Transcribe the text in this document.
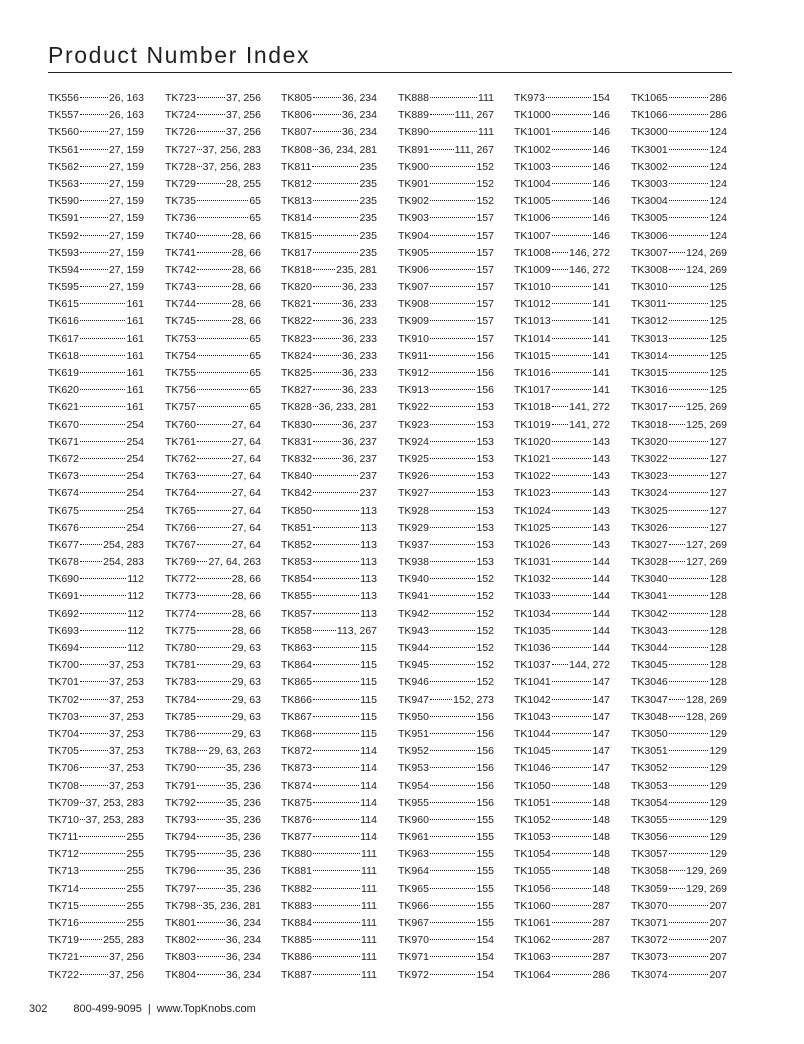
Product Number Index
TK556	26, 163
TK557	26, 163
TK560	27, 159
TK561	27, 159
TK562	27, 159
TK563	27, 159
TK590	27, 159
TK591	27, 159
TK592	27, 159
TK593	27, 159
TK594	27, 159
TK595	27, 159
TK615	161
TK616	161
TK617	161
TK618	161
TK619	161
TK620	161
TK621	161
TK670	254
TK671	254
TK672	254
TK673	254
TK674	254
TK675	254
TK676	254
TK677 254, 283
TK678 254, 283
TK690	112
TK691	112
TK692	112
TK693	112
TK694	112
TK700	37, 253
TK701	37, 253
TK702	37, 253
TK703	37, 253
TK704	37, 253
TK705	37, 253
TK706	37, 253
TK708	37, 253
TK709 37, 253, 283
TK710 37, 253, 283
TK711	255
TK712	255
TK713	255
TK714	255
TK715	255
TK716	255
TK719 255, 283
TK721	37, 256
TK722	37, 256
TK723	37, 256
TK724	37, 256
TK726	37, 256
TK727 37, 256, 283
TK728 37, 256, 283
TK729	28, 255
TK735	65
TK736	65
TK740	28, 66
TK741	28, 66
TK742	28, 66
TK743	28, 66
TK744	28, 66
TK745	28, 66
TK753	65
TK754	65
TK755	65
TK756	65
TK757	65
TK760	27, 64
TK761	27, 64
TK762	27, 64
TK763	27, 64
TK764	27, 64
TK765	27, 64
TK766	27, 64
TK767	27, 64
TK769 27, 64, 263
TK772	28, 66
TK773	28, 66
TK774	28, 66
TK775	28, 66
TK780	29, 63
TK781	29, 63
TK783	29, 63
TK784	29, 63
TK785	29, 63
TK786	29, 63
TK788 29, 63, 263
TK790	35, 236
TK791	35, 236
TK792	35, 236
TK793	35, 236
TK794	35, 236
TK795	35, 236
TK796	35, 236
TK797	35, 236
TK798 35, 236, 281
TK801	36, 234
TK802	36, 234
TK803	36, 234
TK804	36, 234
TK805	36, 234
TK806	36, 234
TK807	36, 234
TK808 36, 234, 281
TK811	235
TK812	235
TK813	235
TK814	235
TK815	235
TK817	235
TK818 235, 281
TK820	36, 233
TK821	36, 233
TK822	36, 233
TK823	36, 233
TK824	36, 233
TK825	36, 233
TK827	36, 233
TK828 36, 233, 281
TK830	36, 237
TK831	36, 237
TK832	36, 237
TK840	237
TK842	237
TK850	113
TK851	113
TK852	113
TK853	113
TK854	113
TK855	113
TK857	113
TK858 113, 267
TK863	115
TK864	115
TK865	115
TK866	115
TK867	115
TK868	115
TK872	114
TK873	114
TK874	114
TK875	114
TK876	114
TK877	114
TK880	111
TK881	111
TK882	111
TK883	111
TK884	111
TK885	111
TK886	111
TK887	111
TK888	111
TK889 111, 267
TK890	111
TK891 111, 267
TK900	152
TK901	152
TK902	152
TK903	157
TK904	157
TK905	157
TK906	157
TK907	157
TK908	157
TK909	157
TK910	157
TK911	156
TK912	156
TK913	156
TK922	153
TK923	153
TK924	153
TK925	153
TK926	153
TK927	153
TK928	153
TK929	153
TK937	153
TK938	153
TK940	152
TK941	152
TK942	152
TK943	152
TK944	152
TK945	152
TK946	152
TK947 152, 273
TK950	156
TK951	156
TK952	156
TK953	156
TK954	156
TK955	156
TK960	155
TK961	155
TK963	155
TK964	155
TK965	155
TK966	155
TK967	155
TK970	154
TK971	154
TK972	154
TK973	154
TK1000	146
TK1001	146
TK1002	146
TK1003	146
TK1004	146
TK1005	146
TK1006	146
TK1007	146
TK1008 146, 272
TK1009 146, 272
TK1010	141
TK1012	141
TK1013	141
TK1014	141
TK1015	141
TK1016	141
TK1017	141
TK1018 141, 272
TK1019 141, 272
TK1020	143
TK1021	143
TK1022	143
TK1023	143
TK1024	143
TK1025	143
TK1026	143
TK1031	144
TK1032	144
TK1033	144
TK1034	144
TK1035	144
TK1036	144
TK1037 144, 272
TK1041	147
TK1042	147
TK1043	147
TK1044	147
TK1045	147
TK1046	147
TK1050	148
TK1051	148
TK1052	148
TK1053	148
TK1054	148
TK1055	148
TK1056	148
TK1060	287
TK1061	287
TK1062	287
TK1063	287
TK1064	286
TK1065	286
TK1066	286
TK3000	124
TK3001	124
TK3002	124
TK3003	124
TK3004	124
TK3005	124
TK3006	124
TK3007 124, 269
TK3008 124, 269
TK3010	125
TK3011	125
TK3012	125
TK3013	125
TK3014	125
TK3015	125
TK3016	125
TK3017 125, 269
TK3018 125, 269
TK3020	127
TK3022	127
TK3023	127
TK3024	127
TK3025	127
TK3026	127
TK3027 127, 269
TK3028 127, 269
TK3040	128
TK3041	128
TK3042	128
TK3043	128
TK3044	128
TK3045	128
TK3046	128
TK3047 128, 269
TK3048 128, 269
TK3050	129
TK3051	129
TK3052	129
TK3053	129
TK3054	129
TK3055	129
TK3056	129
TK3057	129
TK3058 129, 269
TK3059 129, 269
TK3070	207
TK3071	207
TK3072	207
TK3073	207
TK3074	207
302 800-499-9095 | www.TopKnobs.com
